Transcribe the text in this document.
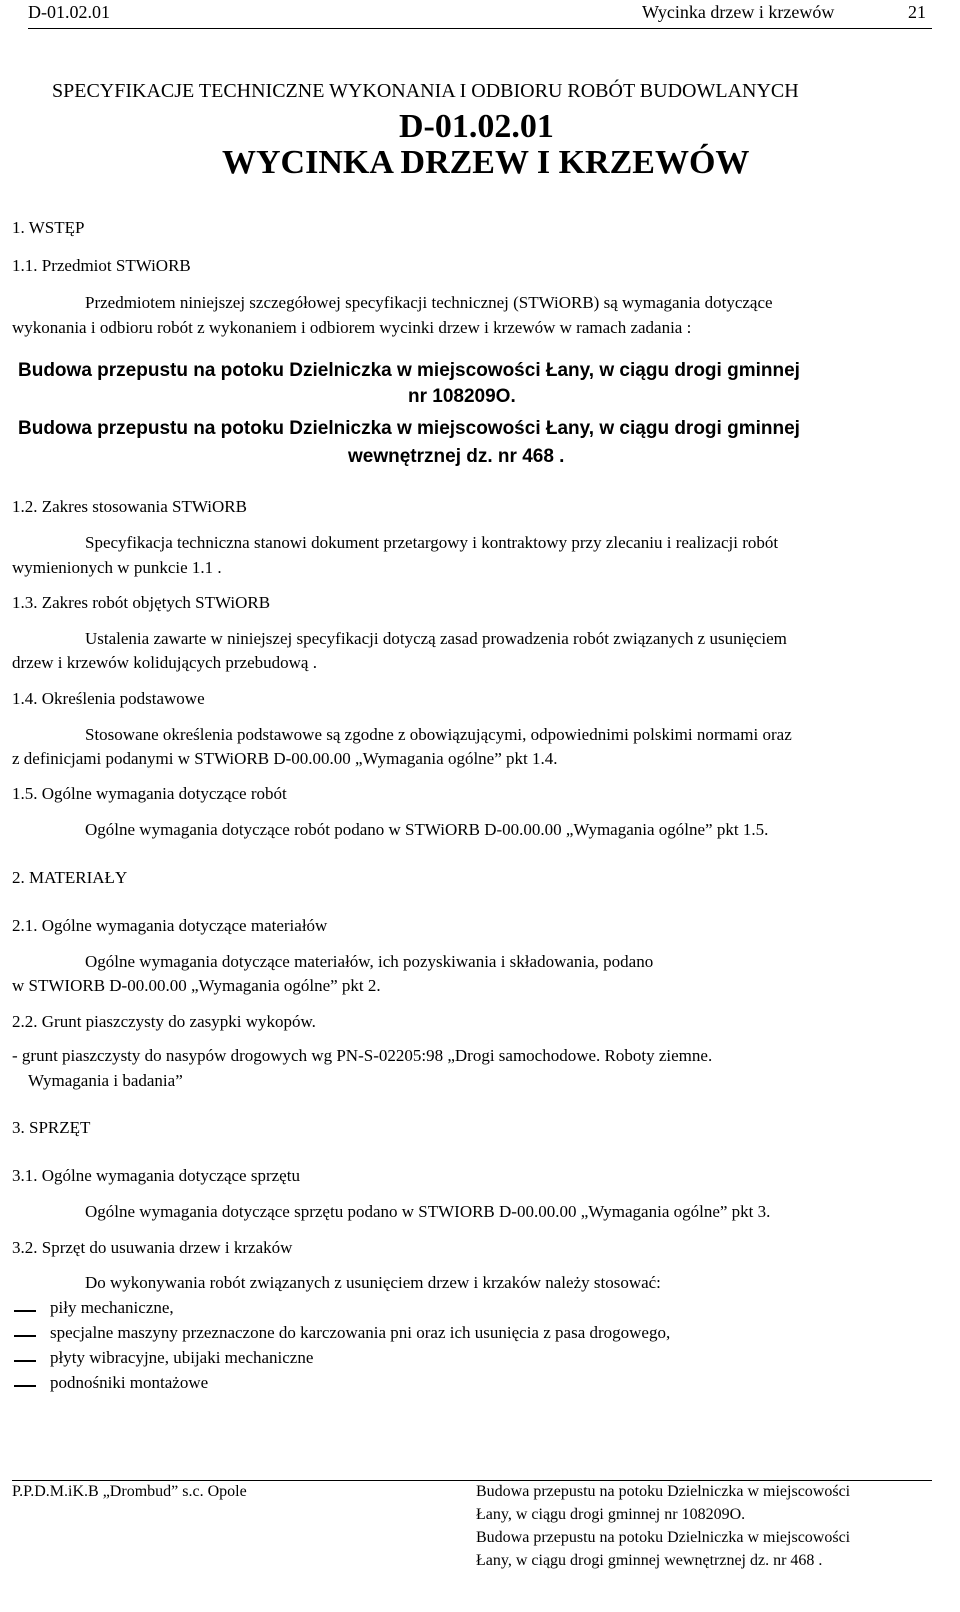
D-01.02.01	Wycinka drzew i krzewów	21
SPECYFIKACJE TECHNICZNE WYKONANIA I ODBIORU ROBÓT BUDOWLANYCH
D-01.02.01
WYCINKA DRZEW I KRZEWÓW
1. WSTĘP
1.1. Przedmiot STWiORB
Przedmiotem niniejszej szczegółowej specyfikacji technicznej (STWiORB) są wymagania dotyczące
wykonania i odbioru robót z wykonaniem i odbiorem wycinki drzew i krzewów w ramach zadania :
Budowa przepustu na potoku Dzielniczka w miejscowości Łany, w ciągu drogi gminnej
nr 108209O.
Budowa przepustu na potoku Dzielniczka w miejscowości Łany, w ciągu drogi gminnej
wewnętrznej dz. nr 468 .
1.2. Zakres stosowania STWiORB
Specyfikacja techniczna stanowi dokument przetargowy i kontraktowy przy zlecaniu i realizacji robót
wymienionych w punkcie 1.1 .
1.3. Zakres robót objętych STWiORB
Ustalenia zawarte w niniejszej specyfikacji dotyczą zasad prowadzenia robót związanych z usunięciem
drzew i krzewów kolidujących przebudową .
1.4. Określenia podstawowe
Stosowane określenia podstawowe są zgodne z obowiązującymi, odpowiednimi polskimi normami oraz
z definicjami podanymi w STWiORB D-00.00.00 „Wymagania ogólne” pkt 1.4.
1.5. Ogólne wymagania dotyczące robót
Ogólne wymagania dotyczące robót podano w STWiORB D-00.00.00 „Wymagania ogólne” pkt 1.5.
2. MATERIAŁY
2.1. Ogólne wymagania dotyczące materiałów
Ogólne wymagania dotyczące materiałów, ich pozyskiwania i składowania, podano
w STWIORB D-00.00.00 „Wymagania ogólne” pkt 2.
2.2. Grunt piaszczysty do zasypki wykopów.
- grunt piaszczysty do nasypów drogowych wg PN-S-02205:98 „Drogi samochodowe. Roboty ziemne.
Wymagania i badania”
3. SPRZĘT
3.1. Ogólne wymagania dotyczące sprzętu
Ogólne wymagania dotyczące sprzętu podano w STWIORB D-00.00.00 „Wymagania ogólne” pkt 3.
3.2. Sprzęt do usuwania drzew i krzaków
Do wykonywania robót związanych z usunięciem drzew i krzaków należy stosować:
piły mechaniczne,
specjalne maszyny przeznaczone do karczowania pni oraz ich usunięcia z pasa drogowego,
płyty wibracyjne, ubijaki mechaniczne
podnośniki montażowe
P.P.D.M.iK.B „Drombud” s.c. Opole	Budowa przepustu na potoku Dzielniczka w miejscowości
Łany, w ciągu drogi gminnej nr 108209O.
Budowa przepustu na potoku Dzielniczka w miejscowości
Łany, w ciągu drogi gminnej wewnętrznej dz. nr 468 .
